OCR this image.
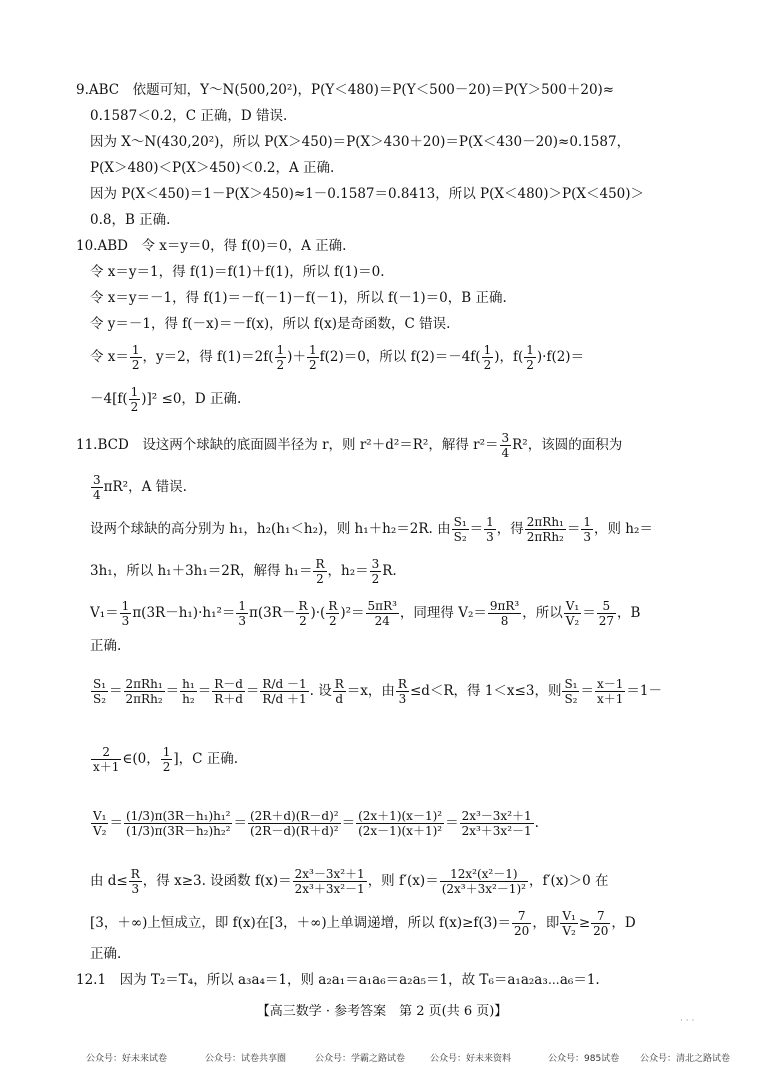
9.ABC　 依题可知，Y～N(500,20²)，P(Y＜480)＝P(Y＜500－20)＝P(Y＞500＋20)≈
0.1587＜0.2，C 正确，D 错误.
因为 X～N(430,20²)，所以 P(X＞450)＝P(X＞430＋20)＝P(X＜430－20)≈0.1587，
P(X＞480)＜P(X＞450)＜0.2，A 正确.
因为 P(X＜450)＝1－P(X＞450)≈1－0.1587＝0.8413，所以 P(X＜480)＞P(X＜450)＞
0.8，B 正确.
10.ABD　 令 x＝y＝0，得 f(0)＝0，A 正确.
令 x＝y＝1，得 f(1)＝f(1)＋f(1)，所以 f(1)＝0.
令 x＝y＝－1，得 f(1)＝－f(－1)－f(－1)，所以 f(－1)＝0，B 正确.
令 y＝－1，得 f(－x)＝－f(x)，所以 f(x)是奇函数，C 错误.
令 $x= \frac{1}{2}$ ，y＝2，得 $f(1)=2f( \frac{1}{2}$ )＋ $\frac{1}{2} f(2)=0$，所以 $f(2)=-4f( \frac{1}{2}$ )，$f( \frac{1}{2} )\cdot f(2)=$
$-4[f( \frac{1}{2} )]^2 \le 0$，D 正确.
11.BCD　 设这两个球缺的底面圆半径为 r，则 r²＋d²＝R²，解得 $r^2= \frac{3}{4} R^2$，该圆的面积为
$\frac{3}{4} \pi R^2$，A 错误.
设两个球缺的高分别为 h₁，h₂(h₁＜h₂)，则 h₁＋h₂＝2R. 由 $\frac{\text{S₁}}{\text{S₂}} = \frac{1}{3}$ ，得 $\frac{\text{2πRh₁}}{\text{2πRh₂}} = \frac{1}{3}$ ，则 h₂＝
3h₁，所以 h₁＋3h₁＝2R，解得 $h_1= \frac{R}{2}$ ，$h_2= \frac{3}{2} R$.
$V_1= \frac{1}{3} \pi(3R-h_1)\cdot h_1^2= \frac{1}{3} \pi(3R- \frac{R}{2}$ )·( $\frac{R}{2} )^2= \frac{\text{5πR³}}{24}$ ，同理得 $V_2= \frac{\text{9πR³}}{8}$ ，所以 $\frac{\text{V₁}}{\text{V₂}} = \frac{5}{27}$ ，B
正确.
$\frac{\text{S₁}}{\text{S₂}} = \frac{\text{2πRh₁}}{\text{2πRh₂}} = \frac{\text{h₁}}{\text{h₂}} = \frac{R-d}{R+d} = \frac{R/d -1}{R/d +1}$ . 设 $\frac{R}{d} =x$，由 $\frac{R}{3} \le d<R$，得 1＜x≤3，则 $\frac{\text{S₁}}{\text{S₂}} = \frac{x-1}{x+1} =1-$
$\frac{2}{x+1}$ ∈(0， $\frac{1}{2}$ ]，C 正确.
$\frac{\text{V₁}}{\text{V₂}} = \frac{\text{(1/3)π(3R－h₁)h₁²}}{\text{(1/3)π(3R－h₂)h₂²}} = \frac{\text{(2R＋d)(R－d)²}}{\text{(2R－d)(R＋d)²}} = \frac{\text{(2x＋1)(x－1)²}}{\text{(2x－1)(x＋1)²}} = \frac{\text{2x³－3x²＋1}}{\text{2x³＋3x²－1}}$ .
由 $d\le \frac{R}{3}$ ，得 x≥3. 设函数 $f(x)= \frac{\text{2x³－3x²＋1}}{\text{2x³＋3x²－1}}$ ，则 $f'(x)= \frac{\text{12x²(x²－1)}}{\text{(2x³＋3x²－1)²}}$ ，f′(x)＞0 在
[3，＋∞)上恒成立，即 f(x)在[3，＋∞)上单调递增，所以 $f(x)\ge f(3)= \frac{7}{20}$ ，即 $\frac{\text{V₁}}{\text{V₂}} \ge \frac{7}{20}$ ，D
正确.
12.1　 因为 T₂＝T₄，所以 a₃a₄＝1，则 a₂a₁＝a₁a₆＝a₂a₅＝1，故 T₆＝a₁a₂a₃⋯a₆＝1.
【高三数学 · 参考答案　第 2 页(共 6 页)】
· · ·
公众号：好未来试卷	公众号：试卷共享圈	公众号：学霸之路试卷	公众号：好未来资料	公众号：985试卷 公众号：清北之路试卷
